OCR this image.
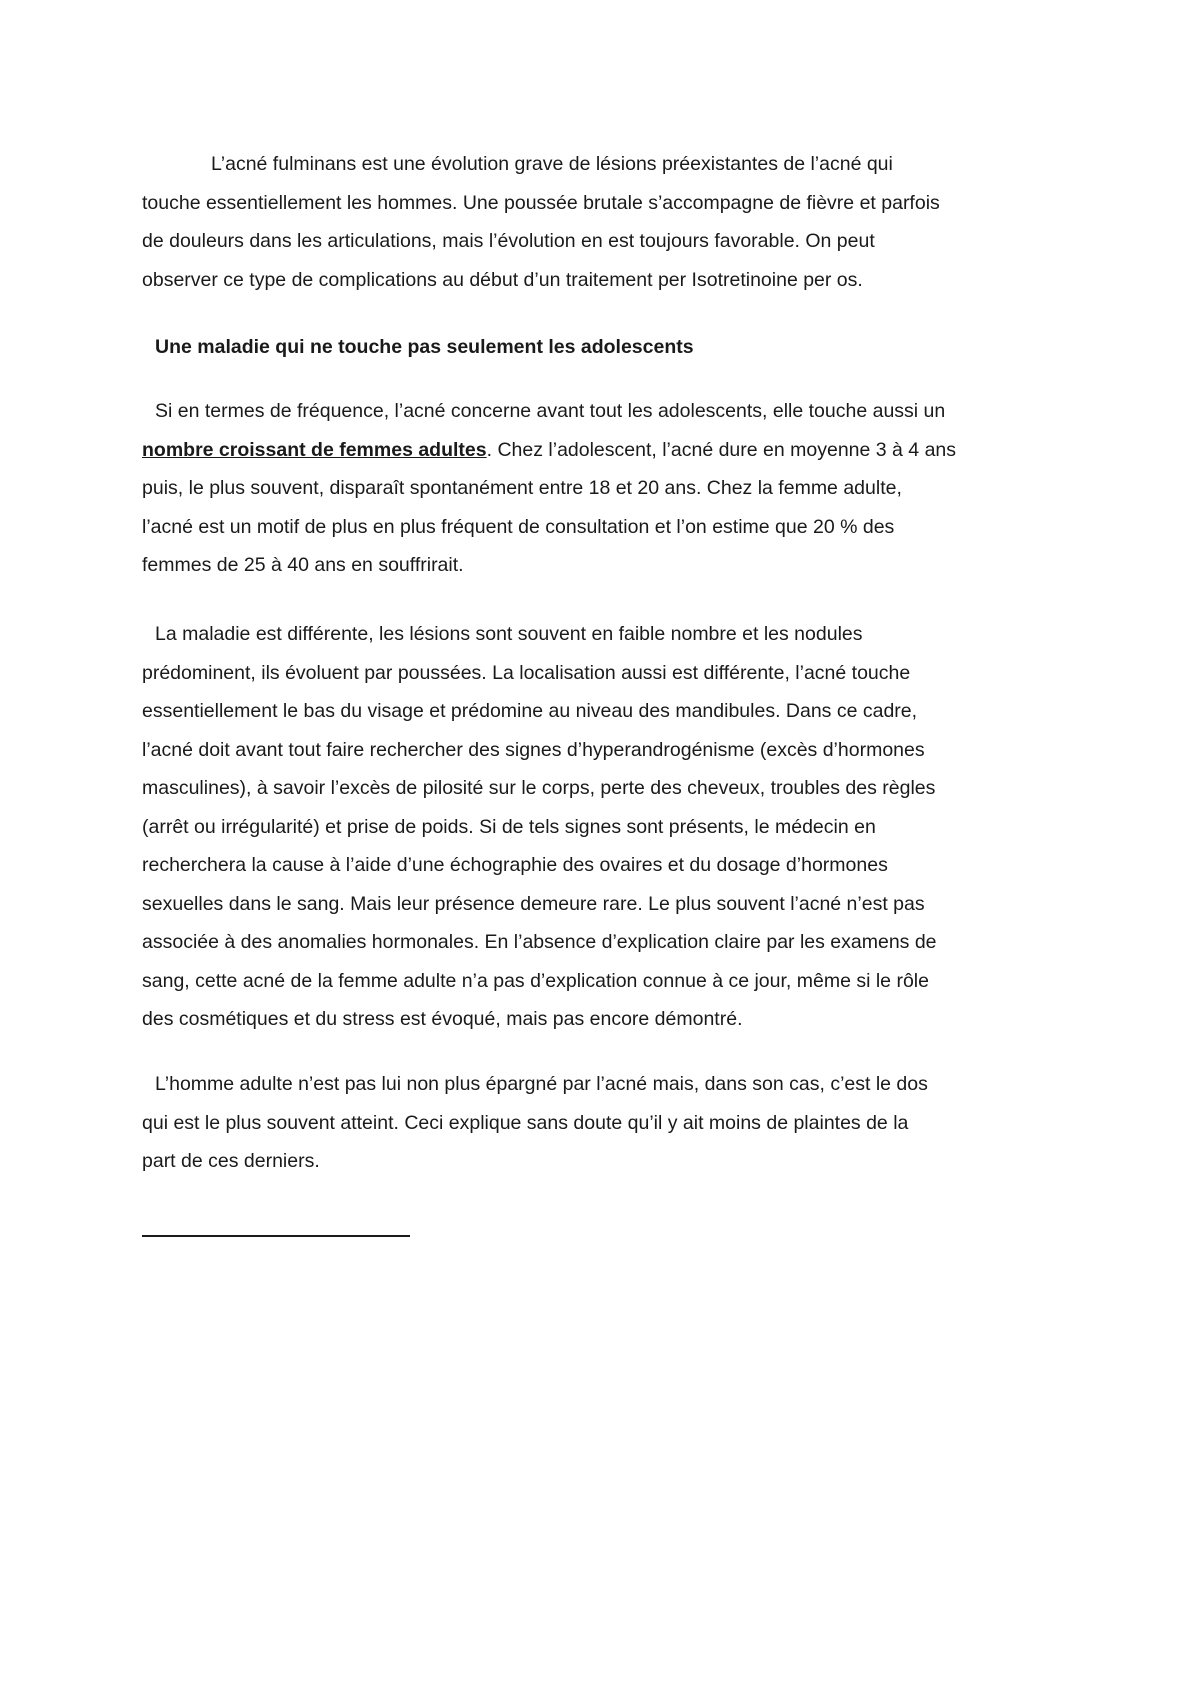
L’acné fulminans est une évolution grave de lésions préexistantes de l’acné qui
touche essentiellement les hommes. Une poussée brutale s’accompagne de fièvre et parfois
de douleurs dans les articulations, mais l’évolution en est toujours favorable. On peut
observer ce type de complications au début d’un traitement per Isotretinoine per os.
Une maladie qui ne touche pas seulement les adolescents
Si en termes de fréquence, l’acné concerne avant tout les adolescents, elle touche aussi un
nombre croissant de femmes adultes. Chez l’adolescent, l’acné dure en moyenne 3 à 4 ans
puis, le plus souvent, disparaît spontanément entre 18 et 20 ans. Chez la femme adulte,
l’acné est un motif de plus en plus fréquent de consultation et l’on estime que 20 % des
femmes de 25 à 40 ans en souffrirait.
La maladie est différente, les lésions sont souvent en faible nombre et les nodules
prédominent, ils évoluent par poussées. La localisation aussi est différente, l’acné touche
essentiellement le bas du visage et prédomine au niveau des mandibules. Dans ce cadre,
l’acné doit avant tout faire rechercher des signes d’hyperandrogénisme (excès d’hormones
masculines), à savoir l’excès de pilosité sur le corps, perte des cheveux, troubles des règles
(arrêt ou irrégularité) et prise de poids. Si de tels signes sont présents, le médecin en
recherchera la cause à l’aide d’une échographie des ovaires et du dosage d’hormones
sexuelles dans le sang. Mais leur présence demeure rare. Le plus souvent l’acné n’est pas
associée à des anomalies hormonales. En l’absence d’explication claire par les examens de
sang, cette acné de la femme adulte n’a pas d’explication connue à ce jour, même si le rôle
des cosmétiques et du stress est évoqué, mais pas encore démontré.
L’homme adulte n’est pas lui non plus épargné par l’acné mais, dans son cas, c’est le dos
qui est le plus souvent atteint. Ceci explique sans doute qu’il y ait moins de plaintes de la
part de ces derniers.
